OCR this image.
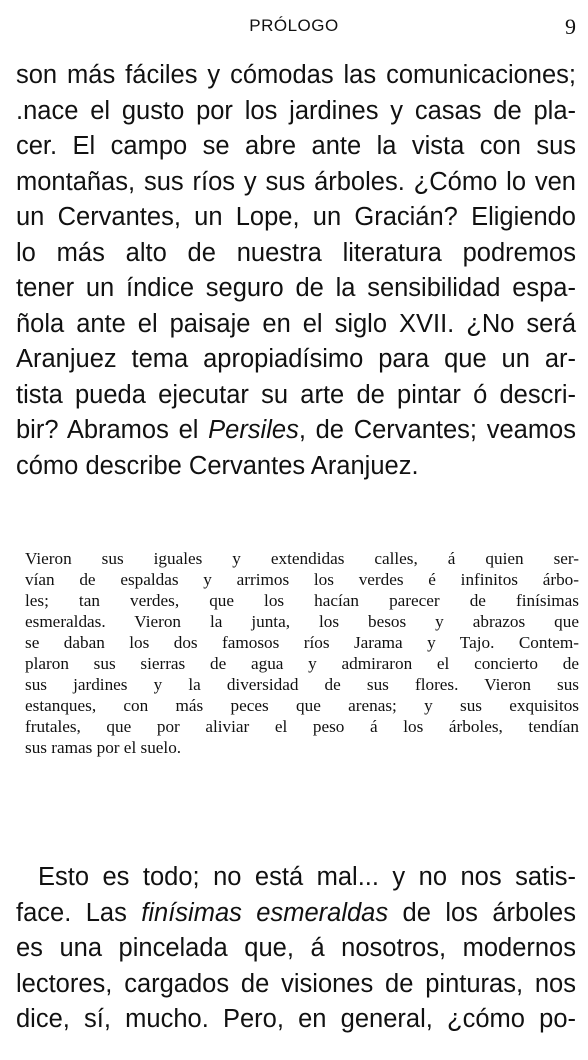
PRÓLOGO	9
son más fáciles y cómodas las comunicaciones;
.nace el gusto por los jardines y casas de pla-
cer. El campo se abre ante la vista con sus
montañas, sus ríos y sus árboles. ¿Cómo lo ven
un Cervantes, un Lope, un Gracián? Eligiendo
lo más alto de nuestra literatura podremos
tener un índice seguro de la sensibilidad espa-
ñola ante el paisaje en el siglo XVII. ¿No será
Aranjuez tema apropiadísimo para que un ar-
tista pueda ejecutar su arte de pintar ó descri-
bir? Abramos el Persiles, de Cervantes; veamos
cómo describe Cervantes Aranjuez.
Vieron sus iguales y extendidas calles, á quien ser-
vían de espaldas y arrimos los verdes é infinitos árbo-
les; tan verdes, que los hacían parecer de finísimas
esmeraldas. Vieron la junta, los besos y abrazos que
se daban los dos famosos ríos Jarama y Tajo. Contem-
plaron sus sierras de agua y admiraron el concierto de
sus jardines y la diversidad de sus flores. Vieron sus
estanques, con más peces que arenas; y sus exquisitos
frutales, que por aliviar el peso á los árboles, tendían
sus ramas por el suelo.
Esto es todo; no está mal... y no nos satis-
face. Las finísimas esmeraldas de los árboles
es una pincelada que, á nosotros, modernos
lectores, cargados de visiones de pinturas, nos
dice, sí, mucho. Pero, en general, ¿cómo po-
